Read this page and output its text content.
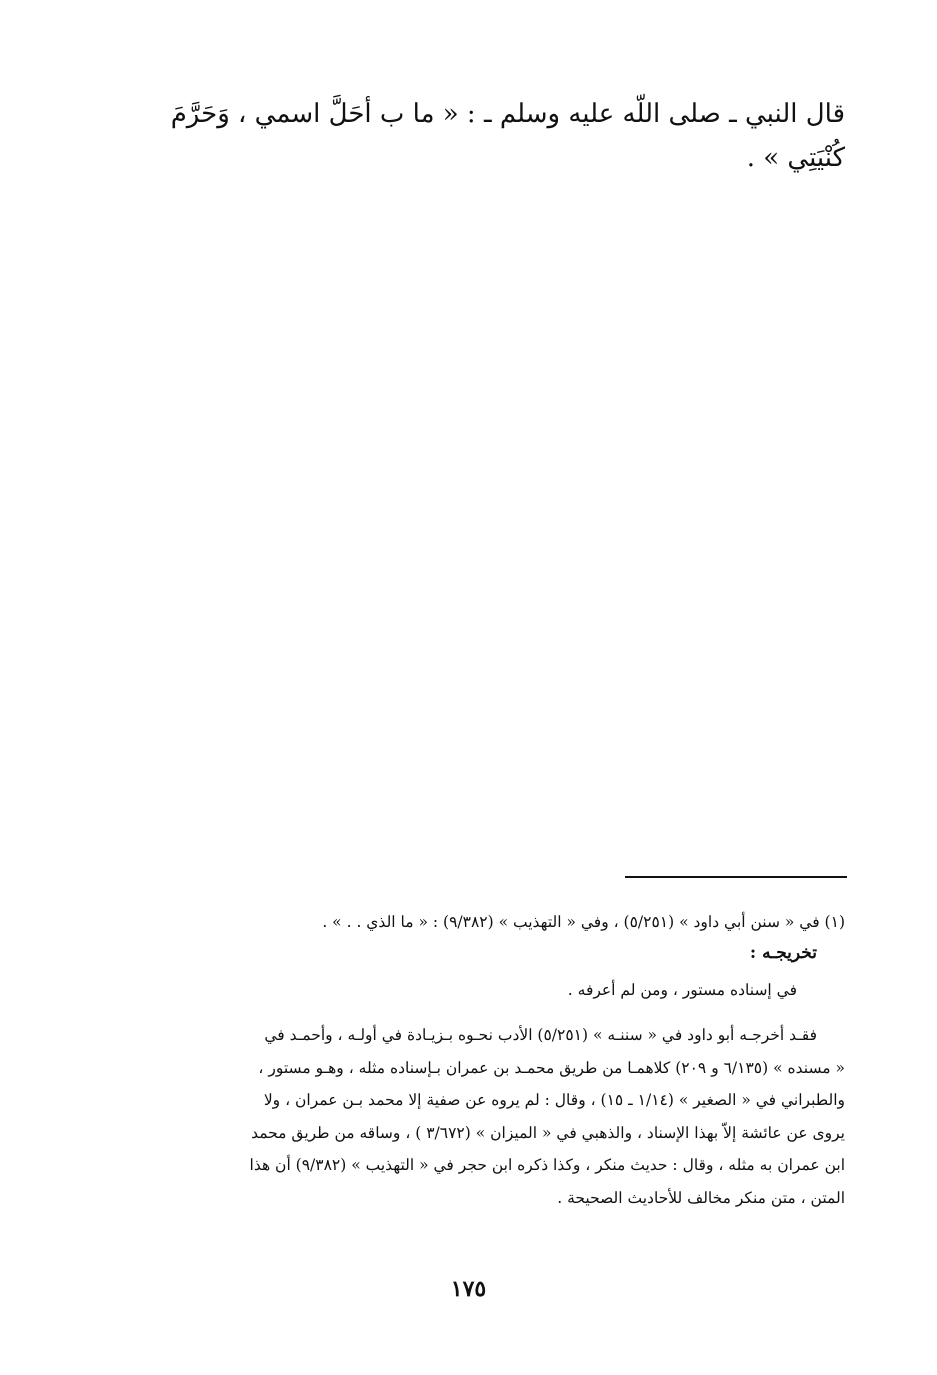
قال النبي ـ صلى اللّه عليه وسلم ـ : « ما ب أحَلَّ اسمي ، وَحَرَّمَ كُنْيَتِي » .

(١) في « سنن أبي داود » (٥/٢٥١) ، وفي « التهذيب » (٩/٣٨٢) : « ما الذي . . » .

تخريجـه :

في إسناده مستور ، ومن لم أعرفه .

فقـد أخرجـه أبو داود في « سننـه » (٥/٢٥١) الأدب نحـوه بـزيـادة في أولـه ، وأحمـد في
« مسنده » (٦/١٣٥ و ٢٠٩) كلاهمـا من طريق محمـد بن عمران بـإسناده مثله ، وهـو مستور ،
والطبراني في « الصغير » (١/١٤ ـ ١٥) ، وقال : لم يروه عن صفية إلا محمد بـن عمران ، ولا
يروى عن عائشة إلاّ بهذا الإسناد ، والذهبي في « الميزان » (٣/٦٧٢ ) ، وساقه من طريق محمد
ابن عمران به مثله ، وقال : حديث منكر ، وكذا ذكره ابن حجر في « التهذيب » (٩/٣٨٢) أن هذا
المتن ، متن منكر مخالف للأحاديث الصحيحة .
١٧٥
